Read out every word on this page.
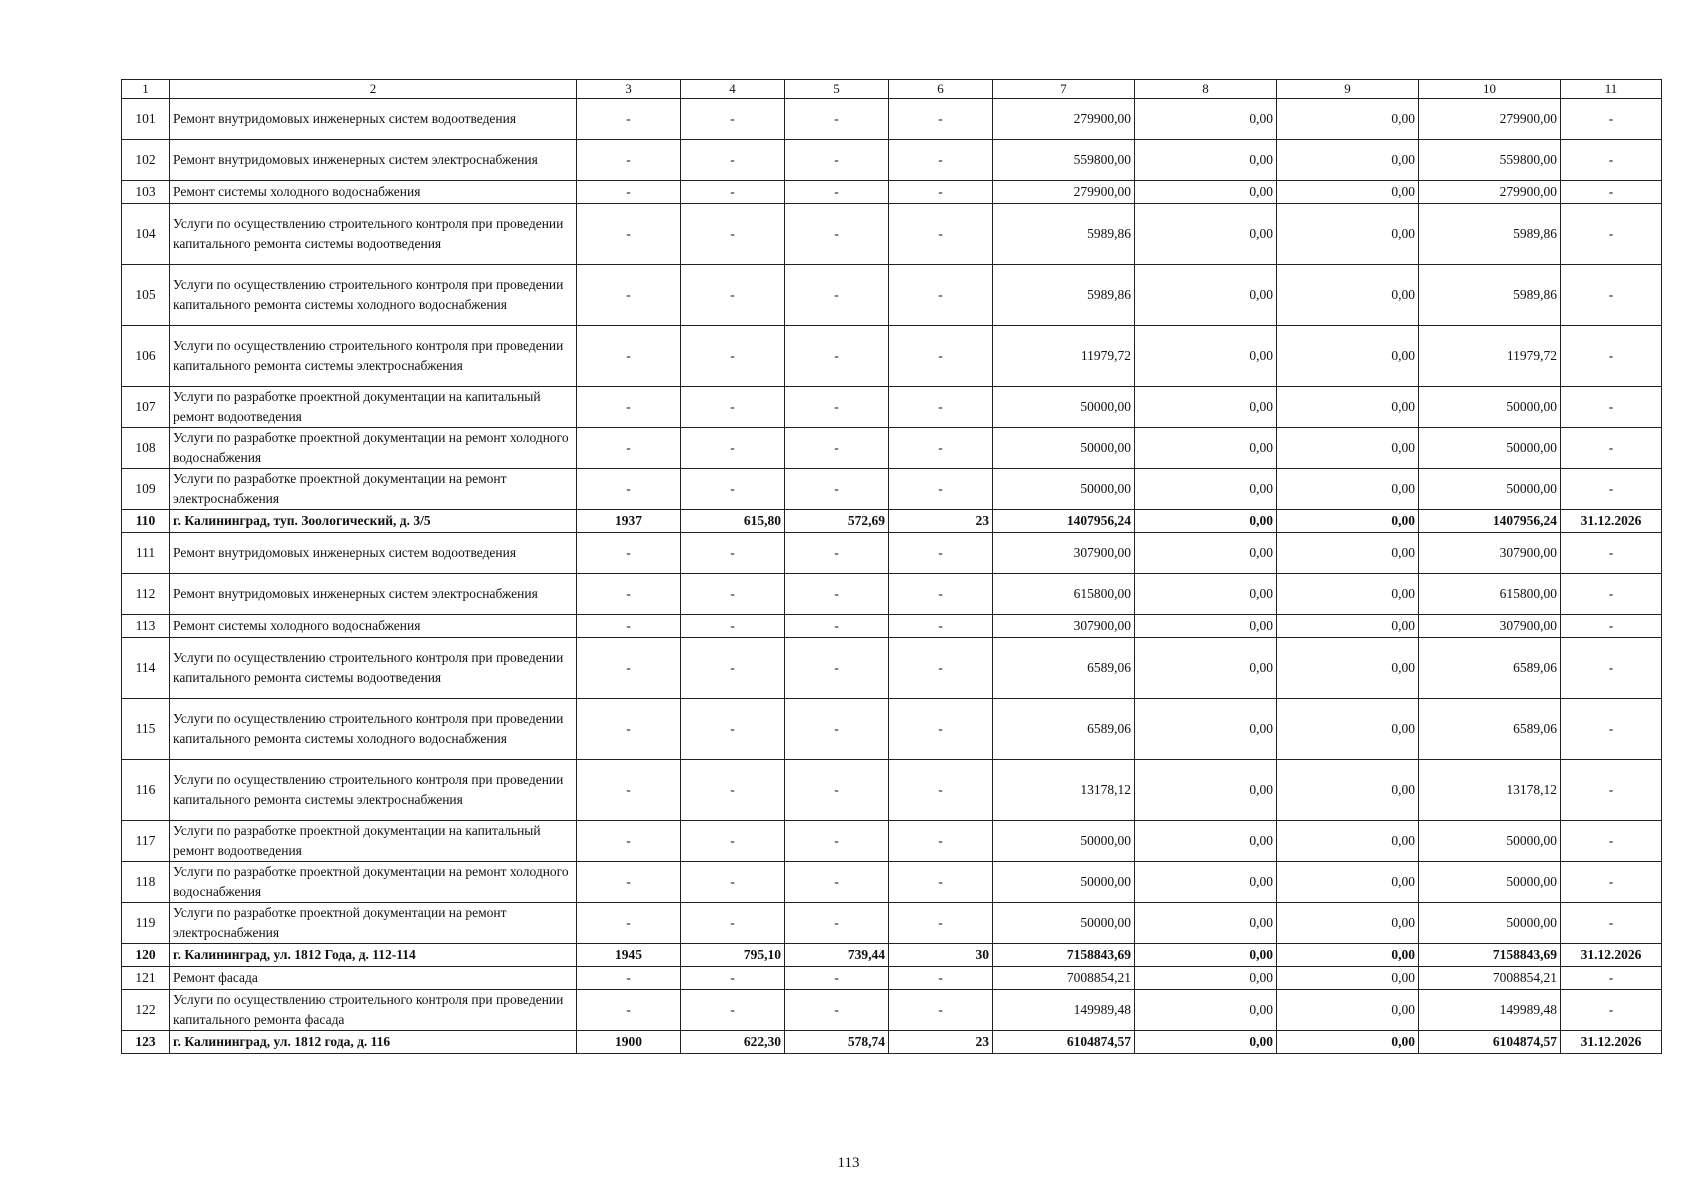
1	2	3	4	5	6	7	8	9	10	11
101	Ремонт внутридомовых инженерных систем водоотведения	-	-	-	-	279900,00	0,00	0,00	279900,00	-
102	Ремонт внутридомовых инженерных систем электроснабжения	-	-	-	-	559800,00	0,00	0,00	559800,00	-
103	Ремонт системы холодного водоснабжения	-	-	-	-	279900,00	0,00	0,00	279900,00	-
104	Услуги по осуществлению строительного контроля при проведении капитального ремонта системы водоотведения	-	-	-	-	5989,86	0,00	0,00	5989,86	-
105	Услуги по осуществлению строительного контроля при проведении капитального ремонта системы холодного водоснабжения	-	-	-	-	5989,86	0,00	0,00	5989,86	-
106	Услуги по осуществлению строительного контроля при проведении капитального ремонта системы электроснабжения	-	-	-	-	11979,72	0,00	0,00	11979,72	-
107	Услуги по разработке проектной документации на капитальный ремонт водоотведения	-	-	-	-	50000,00	0,00	0,00	50000,00	-
108	Услуги по разработке проектной документации на ремонт холодного водоснабжения	-	-	-	-	50000,00	0,00	0,00	50000,00	-
109	Услуги по разработке проектной документации на ремонт электроснабжения	-	-	-	-	50000,00	0,00	0,00	50000,00	-
110	г. Калининград, туп. Зоологический, д. 3/5	1937	615,80	572,69	23	1407956,24	0,00	0,00	1407956,24	31.12.2026
111	Ремонт внутридомовых инженерных систем водоотведения	-	-	-	-	307900,00	0,00	0,00	307900,00	-
112	Ремонт внутридомовых инженерных систем электроснабжения	-	-	-	-	615800,00	0,00	0,00	615800,00	-
113	Ремонт системы холодного водоснабжения	-	-	-	-	307900,00	0,00	0,00	307900,00	-
114	Услуги по осуществлению строительного контроля при проведении капитального ремонта системы водоотведения	-	-	-	-	6589,06	0,00	0,00	6589,06	-
115	Услуги по осуществлению строительного контроля при проведении капитального ремонта системы холодного водоснабжения	-	-	-	-	6589,06	0,00	0,00	6589,06	-
116	Услуги по осуществлению строительного контроля при проведении капитального ремонта системы электроснабжения	-	-	-	-	13178,12	0,00	0,00	13178,12	-
117	Услуги по разработке проектной документации на капитальный ремонт водоотведения	-	-	-	-	50000,00	0,00	0,00	50000,00	-
118	Услуги по разработке проектной документации на ремонт холодного водоснабжения	-	-	-	-	50000,00	0,00	0,00	50000,00	-
119	Услуги по разработке проектной документации на ремонт электроснабжения	-	-	-	-	50000,00	0,00	0,00	50000,00	-
120	г. Калининград, ул. 1812 Года, д. 112-114	1945	795,10	739,44	30	7158843,69	0,00	0,00	7158843,69	31.12.2026
121	Ремонт фасада	-	-	-	-	7008854,21	0,00	0,00	7008854,21	-
122	Услуги по осуществлению строительного контроля при проведении капитального ремонта фасада	-	-	-	-	149989,48	0,00	0,00	149989,48	-
123	г. Калининград, ул. 1812 года, д. 116	1900	622,30	578,74	23	6104874,57	0,00	0,00	6104874,57	31.12.2026
113
